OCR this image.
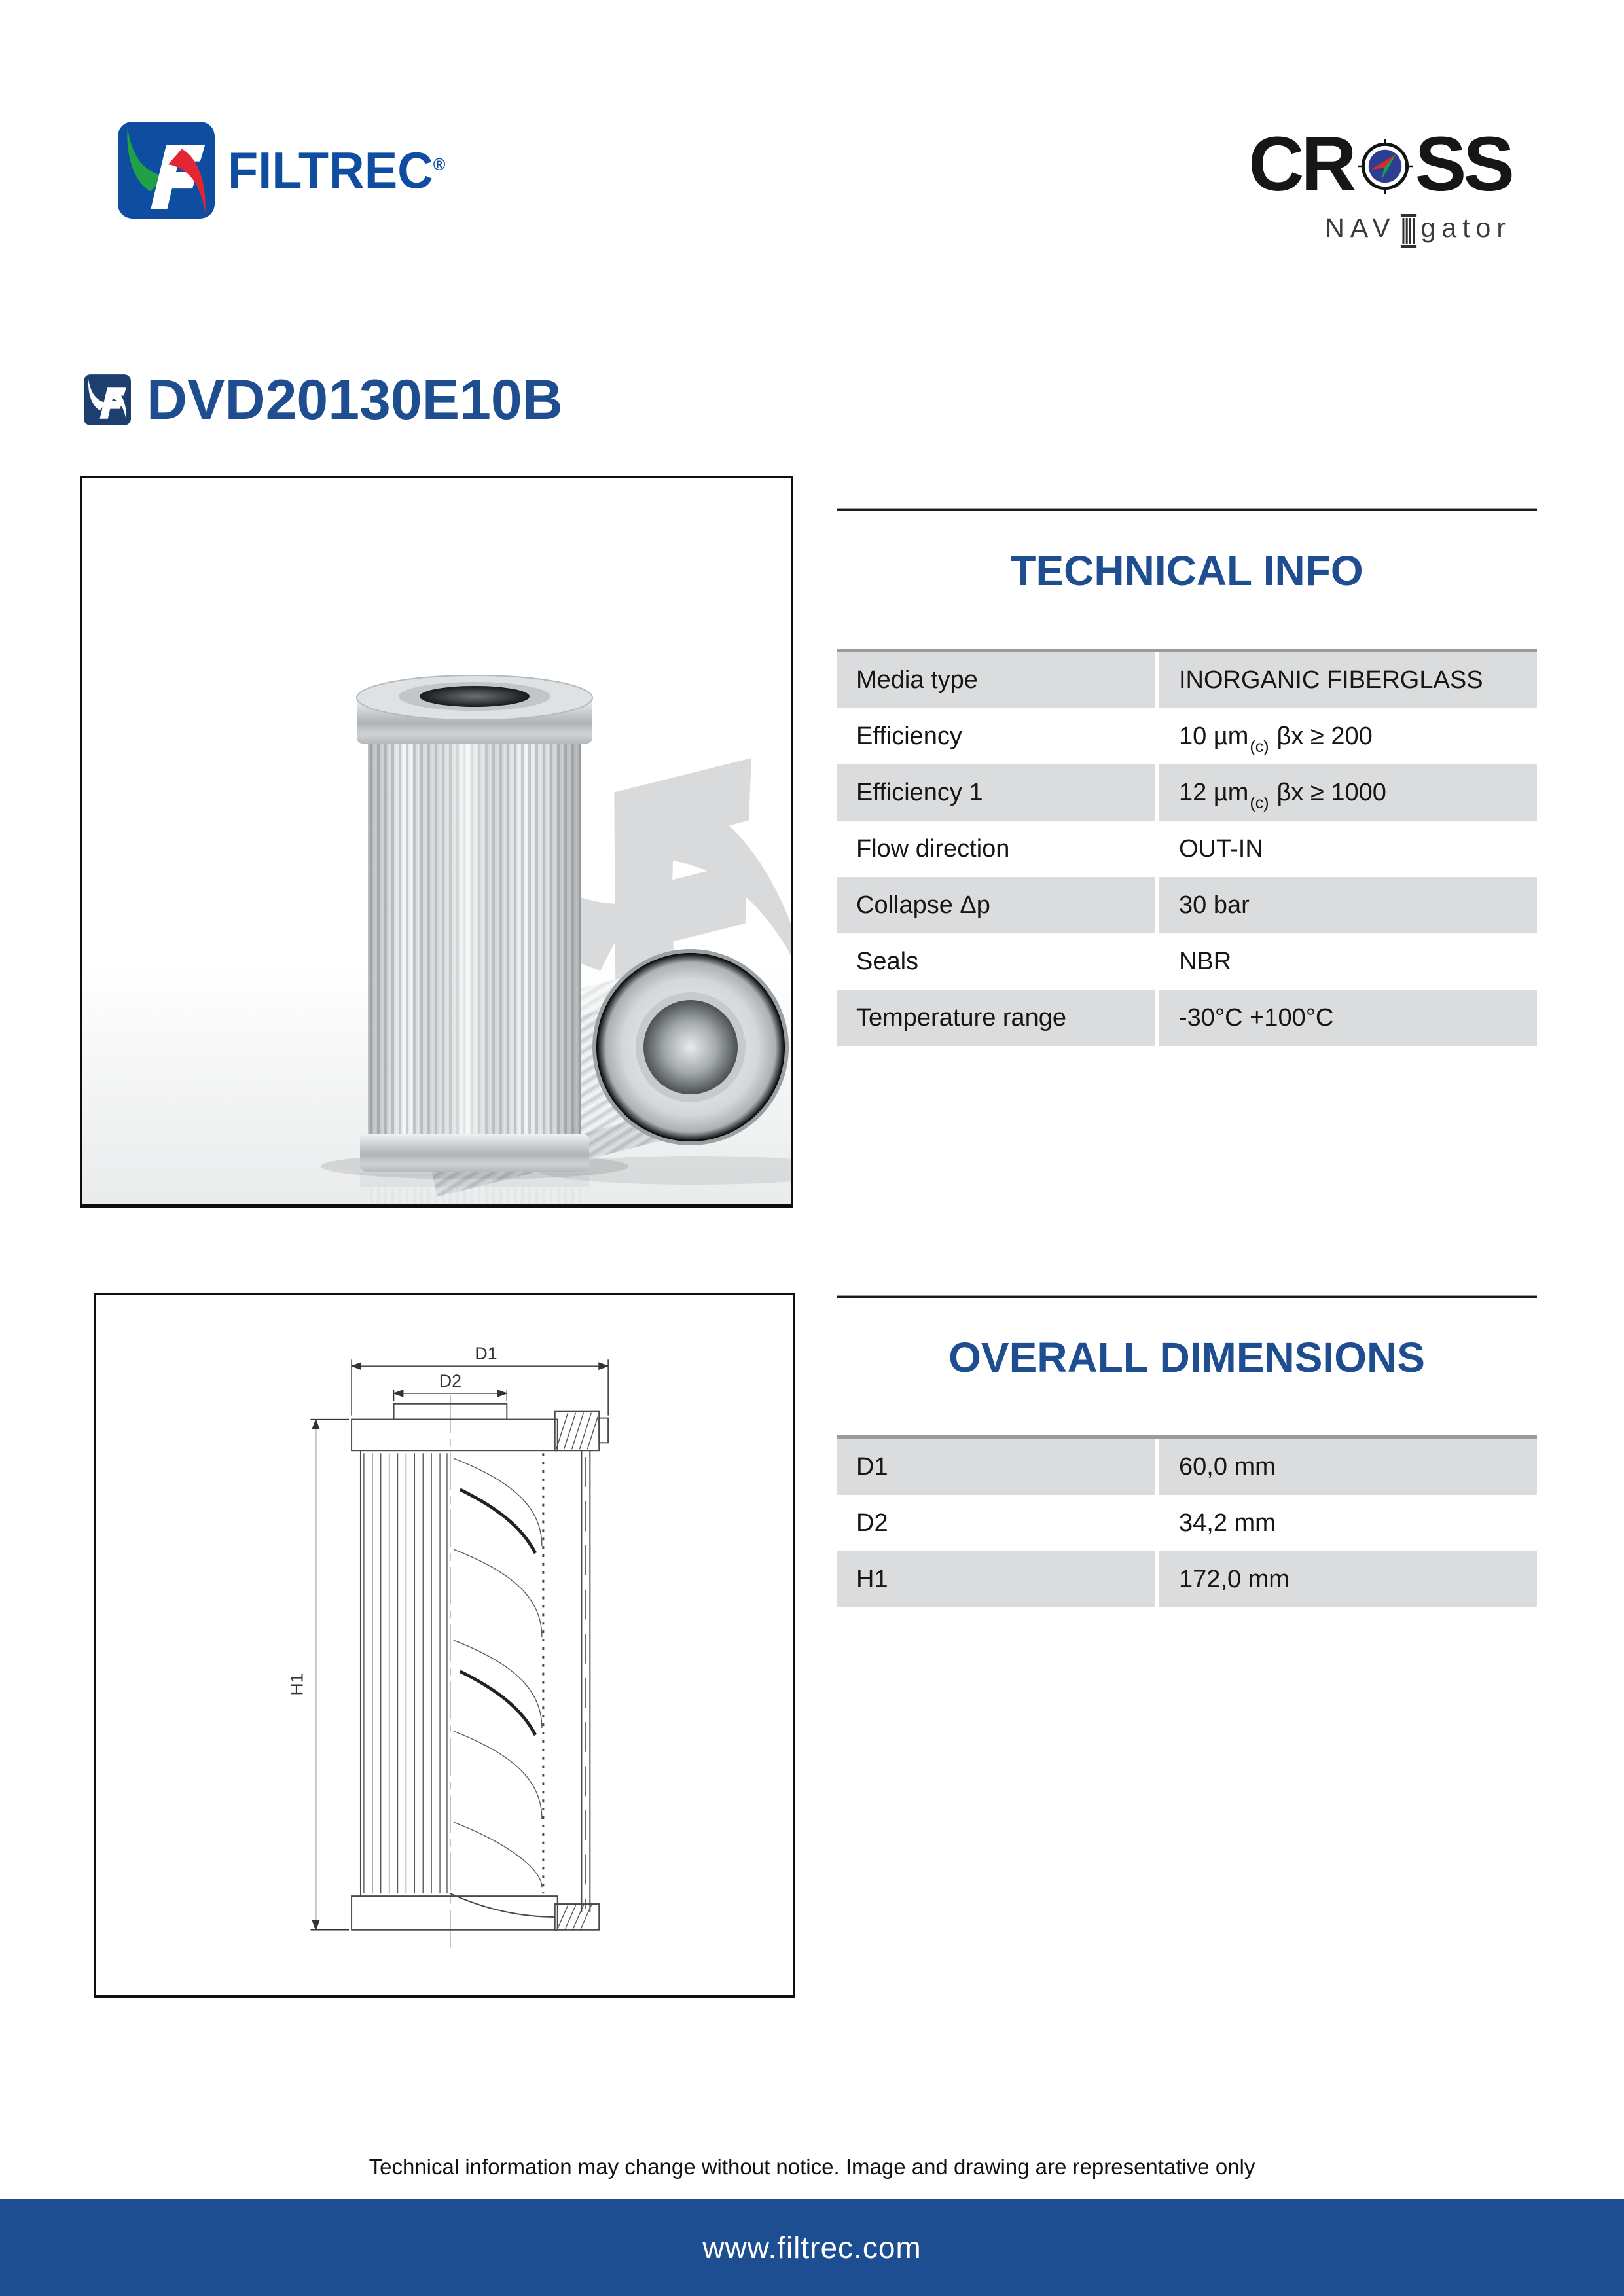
FILTREC®	CR SS
NAV gator
DVD20130E10B
TECHNICAL INFO
Media type	INORGANIC FIBERGLASS
Efficiency	10 µm$_{(c)}$ βx ≥ 200
Efficiency 1	12 µm$_{(c)}$ βx ≥ 1000
Flow direction	OUT-IN
Collapse Δp	30 bar
Seals	NBR
Temperature range	-30°C +100°C
D1
D2
H1
OVERALL DIMENSIONS
D1	60,0 mm
D2	34,2 mm
H1	172,0 mm
Technical information may change without notice. Image and drawing are representative only
www.filtrec.com
